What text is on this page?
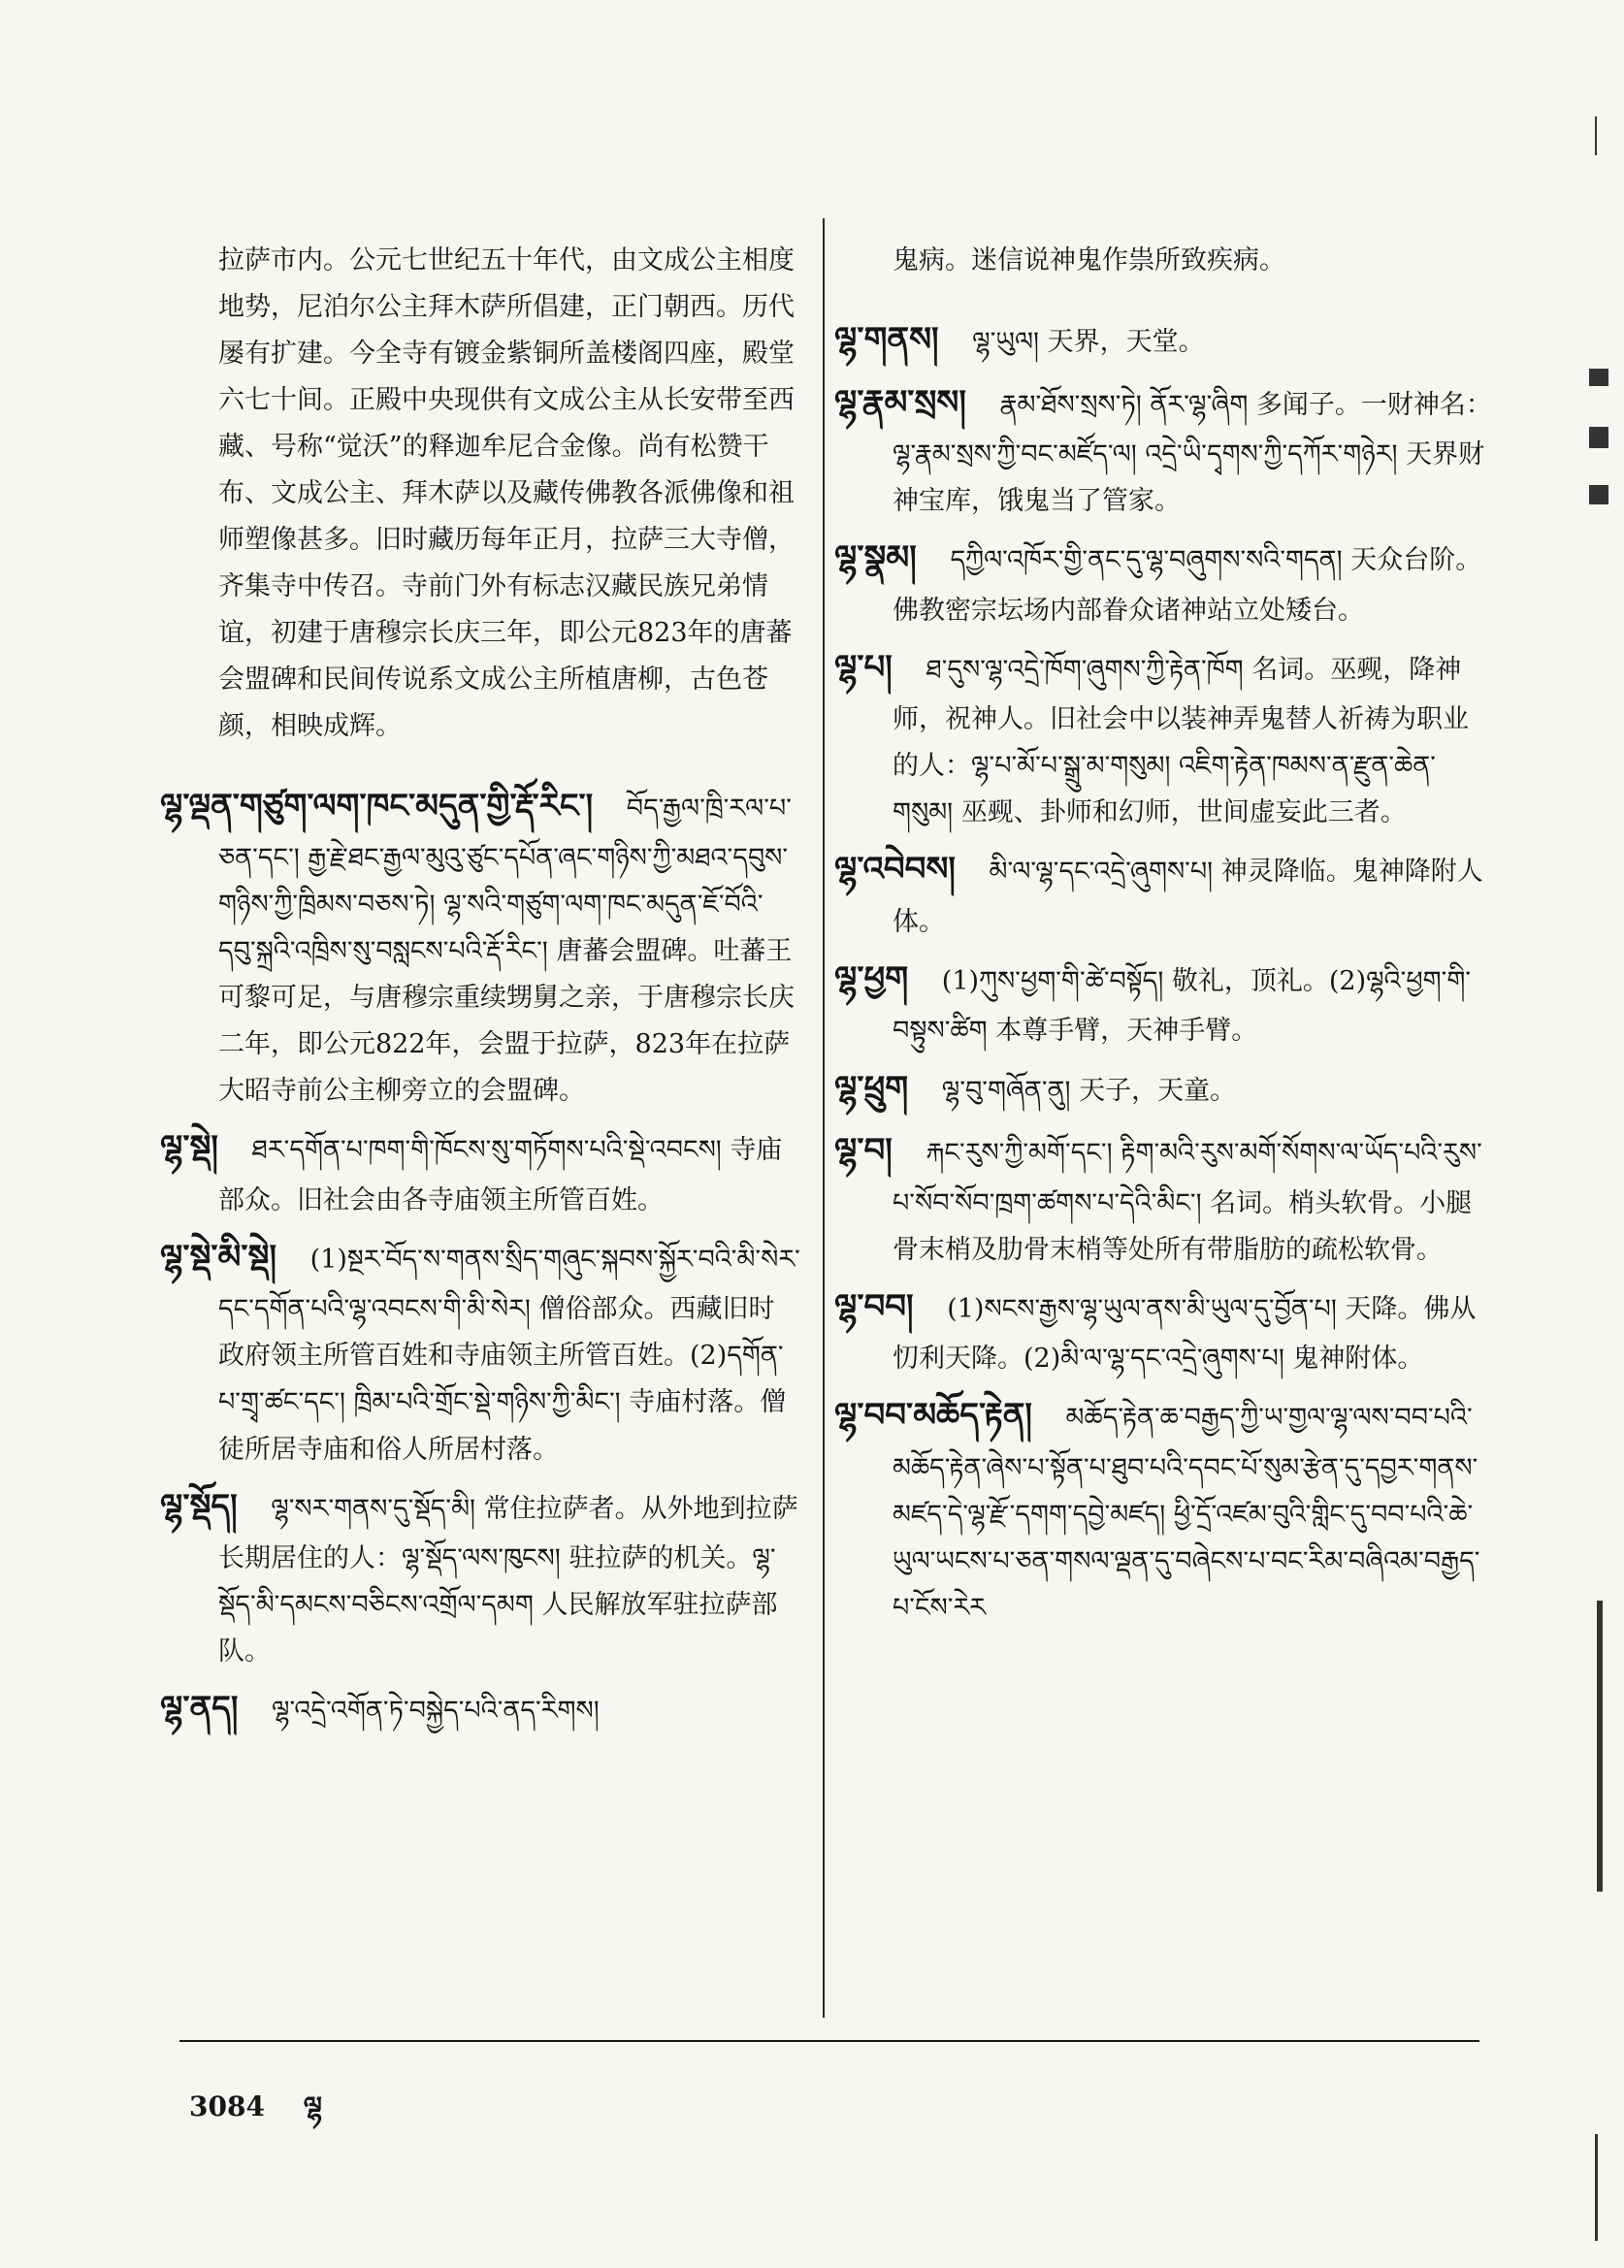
拉萨市内。公元七世纪五十年代，由文成公主相度地势，尼泊尔公主拜木萨所倡建，正门朝西。历代屡有扩建。今全寺有镀金紫铜所盖楼阁四座，殿堂六七十间。正殿中央现供有文成公主从长安带至西藏、号称“觉沃”的释迦牟尼合金像。尚有松赞干布、文成公主、拜木萨以及藏传佛教各派佛像和祖师塑像甚多。旧时藏历每年正月，拉萨三大寺僧，齐集寺中传召。寺前门外有标志汉藏民族兄弟情谊，初建于唐穆宗长庆三年，即公元823年的唐蕃会盟碑和民间传说系文成公主所植唐柳，古色苍颜，相映成辉。

ལྷ་ལྡན་གཙུག་ལག་ཁང་མདུན་གྱི་རྡོ་རིང་། བོད་རྒྱལ་ཁྲི་རལ་པ་ཅན་དང་། རྒྱ་རྗེ་ཐང་རྒྱལ་མུའུ་ཙུང་དཔོན་ཞང་གཉིས་ཀྱི་མཐའ་དབུས་གཉིས་ཀྱི་ཁྲིམས་བཅས་ཏེ། ལྷ་སའི་གཙུག་ལག་ཁང་མདུན་ཇོ་བོའི་དབུ་སྐྲའི་འཁྲིས་སུ་བསླངས་པའི་རྡོ་རིང་། 唐蕃会盟碑。吐蕃王可黎可足，与唐穆宗重续甥舅之亲，于唐穆宗长庆二年，即公元822年，会盟于拉萨，823年在拉萨大昭寺前公主柳旁立的会盟碑。

ལྷ་སྡེ། ཐར་དགོན་པ་ཁག་གི་ཁོངས་སུ་གཏོགས་པའི་སྡེ་འབངས། 寺庙部众。旧社会由各寺庙领主所管百姓。

ལྷ་སྡེ་མི་སྡེ། (1)སྔར་བོད་ས་གནས་སྲིད་གཞུང་སྐབས་སྐྱོར་བའི་མི་སེར་དང་དགོན་པའི་ལྷ་འབངས་གི་མི་སེར། 僧俗部众。西藏旧时政府领主所管百姓和寺庙领主所管百姓。(2)དགོན་པ་གྲྭ་ཚང་དང་། ཁྲིམ་པའི་གྲོང་སྡེ་གཉིས་ཀྱི་མིང་། 寺庙村落。僧徒所居寺庙和俗人所居村落。

ལྷ་སྡོད། ལྷ་སར་གནས་དུ་སྡོད་མི། 常住拉萨者。从外地到拉萨长期居住的人：ལྷ་སྡོད་ལས་ཁུངས། 驻拉萨的机关。ལྷ་སྡོད་མི་དམངས་བཅིངས་འགྲོལ་དམག 人民解放军驻拉萨部队。

ལྷ་ནད། ལྷ་འདྲེ་འགོན་ཏེ་བསྐྱེད་པའི་ནད་རིགས།

鬼病。迷信说神鬼作祟所致疾病。

ལྷ་གནས། ལྷ་ཡུལ། 天界，天堂。

ལྷ་རྣམ་སྲས། རྣམ་ཐོས་སྲས་ཏེ། ནོར་ལྷ་ཞིག 多闻子。一财神名：ལྷ་རྣམ་སྲས་ཀྱི་བང་མཛོད་ལ། འདྲེ་ཡི་དྭགས་ཀྱི་དཀོར་གཉེར། 天界财神宝库，饿鬼当了管家。

ལྷ་སྣམ། དཀྱིལ་འཁོར་གྱི་ནང་དུ་ལྷ་བཞུགས་སའི་གདན། 天众台阶。佛教密宗坛场内部眷众诸神站立处矮台。

ལྷ་པ། ཐ་དུས་ལྷ་འདྲེ་ཁོག་ཞུགས་ཀྱི་རྟེན་ཁོག 名词。巫觋，降神师，祝神人。旧社会中以装神弄鬼替人祈祷为职业的人：ལྷ་པ་མོ་པ་སྒྲུ་མ་གསུམ། འཇིག་རྟེན་ཁམས་ན་རྫུན་ཆེན་གསུམ། 巫觋、卦师和幻师，世间虚妄此三者。

ལྷ་འབེབས། མི་ལ་ལྷ་དང་འདྲེ་ཞུགས་པ། 神灵降临。鬼神降附人体。

ལྷ་ཕྱག (1)ཀུས་ཕྱག་གི་ཚེ་བསྟོད། 敬礼，顶礼。(2)ལྷའི་ཕྱག་གི་བསྟུས་ཚིག 本尊手臂，天神手臂。

ལྷ་ཕྲུག ལྷ་བུ་གཞོན་ནུ། 天子，天童。

ལྷ་བ། རྐང་རུས་ཀྱི་མགོ་དང་། རྟིག་མའི་རུས་མགོ་སོགས་ལ་ཡོད་པའི་རུས་པ་སོབ་སོབ་ཁྲག་ཚགས་པ་དེའི་མིང་། 名词。梢头软骨。小腿骨末梢及肋骨末梢等处所有带脂肪的疏松软骨。

ལྷ་བབ། (1)སངས་རྒྱས་ལྷ་ཡུལ་ནས་མི་ཡུལ་དུ་བྱོན་པ། 天降。佛从忉利天降。(2)མི་ལ་ལྷ་དང་འདྲེ་ཞུགས་པ། 鬼神附体。

ལྷ་བབ་མཆོད་རྟེན། མཆོད་རྟེན་ཆ་བརྒྱད་ཀྱི་ཡ་གྱལ་ལྷ་ལས་བབ་པའི་མཆོད་རྟེན་ཞེས་པ་སྟོན་པ་ཐུབ་པའི་དབང་པོ་སུམ་རྩེན་དུ་དབྱར་གནས་མཛད་དེ་ལྷ་རྫོ་དགག་དབྱེ་མཛད། ཕྱི་དྲོ་འཛམ་བུའི་གླིང་དུ་བབ་པའི་ཆེ་ཡུལ་ཡངས་པ་ཅན་གསལ་ལྡན་དུ་བཞེངས་པ་བང་རིམ་བཞིའམ་བརྒྱད་པ་ངོས་རེར

3084 ལྷ
